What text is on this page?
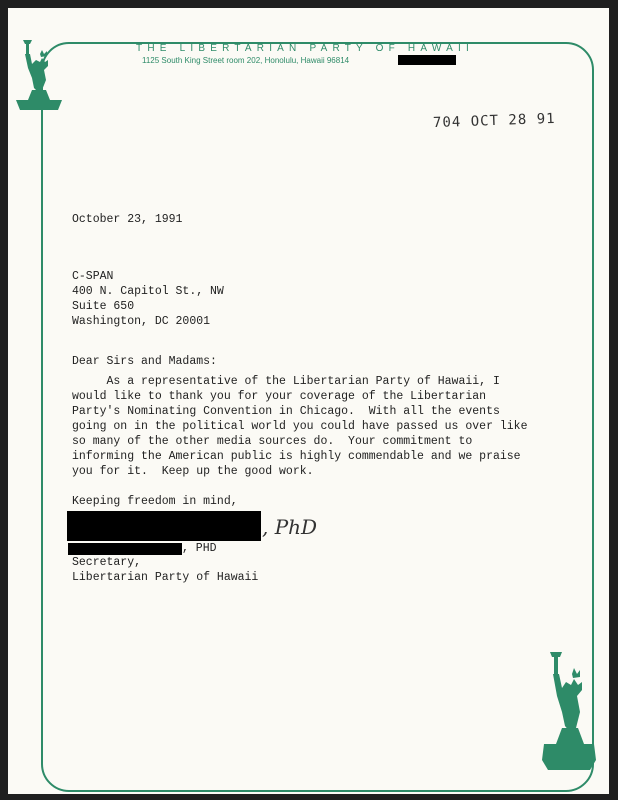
THE LIBERTARIAN PARTY OF HAWAII
1125 South King Street room 202, Honolulu, Hawaii 96814
704 OCT 28 91
October 23, 1991
C-SPAN
400 N. Capitol St., NW
Suite 650
Washington, DC 20001
Dear Sirs and Madams:
As a representative of the Libertarian Party of Hawaii, I
would like to thank you for your coverage of the Libertarian
Party's Nominating Convention in Chicago.  With all the events
going on in the political world you could have passed us over like
so many of the other media sources do.  Your commitment to
informing the American public is highly commendable and we praise
you for it.  Keep up the good work.
Keeping freedom in mind,
, PhD
, PHD
Secretary,
Libertarian Party of Hawaii
